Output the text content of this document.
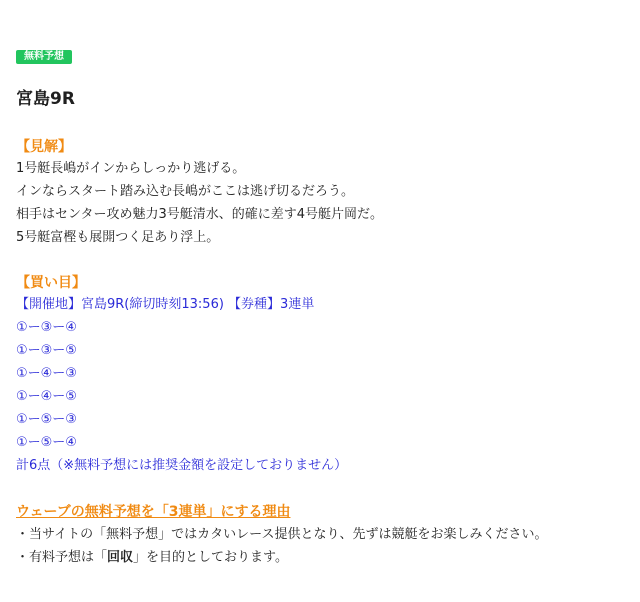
無料予想
宮島9R
【見解】
1号艇長嶋がインからしっかり逃げる。
インならスタート踏み込む長嶋がここは逃げ切るだろう。
相手はセンター攻め魅力3号艇清水、的確に差す4号艇片岡だ。
5号艇富樫も展開つく足あり浮上。
【買い目】
【開催地】宮島9R(締切時刻13:56) 【券種】3連単
①ー③ー④
①ー③ー⑤
①ー④ー③
①ー④ー⑤
①ー⑤ー③
①ー⑤ー④
計6点（※無料予想には推奨金額を設定しておりません）
ウェーブの無料予想を「3連単」にする理由
・当サイトの「無料予想」ではカタいレース提供となり、先ずは競艇をお楽しみください。
・有料予想は「回収」を目的としております。
